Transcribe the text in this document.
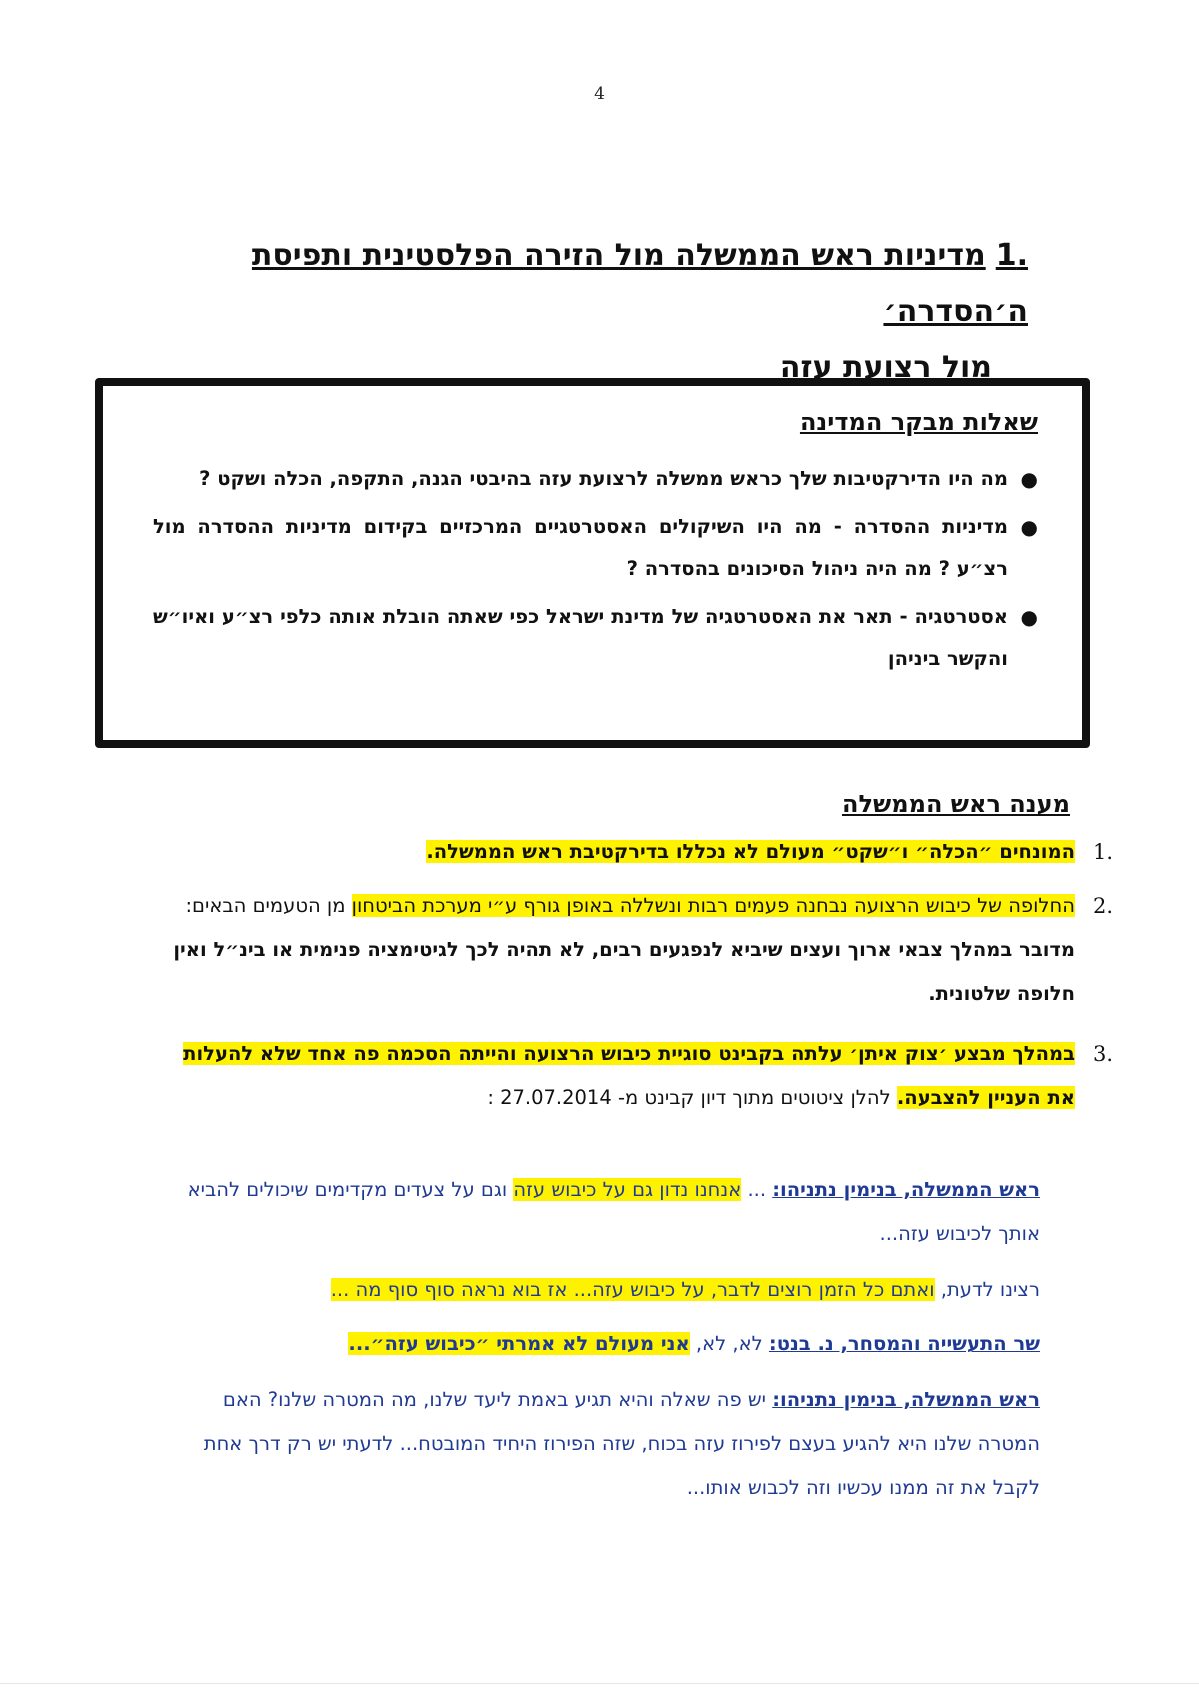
4
.1מדיניות ראש הממשלה מול הזירה הפלסטינית ותפיסת ה׳הסדרה׳
מול רצועת עזה
שאלות מבקר המדינה
●
מה היו הדירקטיבות שלך כראש ממשלה לרצועת עזה בהיבטי הגנה, התקפה, הכלה ושקט ?
●
מדיניות ההסדרה - מה היו השיקולים האסטרטגיים המרכזיים בקידום מדיניות ההסדרה מול רצ״ע ? מה היה ניהול הסיכונים בהסדרה ?
●
אסטרטגיה - תאר את האסטרטגיה של מדינת ישראל כפי שאתה הובלת אותה כלפי רצ״ע ואיו״ש והקשר ביניהן
מענה ראש הממשלה
.1
המונחים ״הכלה״ ו״שקט״ מעולם לא נכללו בדירקטיבת ראש הממשלה.
.2
החלופה של כיבוש הרצועה נבחנה פעמים רבות ונשללה באופן גורף ע״י מערכת הביטחון מן הטעמים הבאים: מדובר במהלך צבאי ארוך ועצים שיביא לנפגעים רבים, לא תהיה לכך לגיטימציה פנימית או בינ״ל ואין חלופה שלטונית.
.3
במהלך מבצע ׳צוק איתן׳ עלתה בקבינט סוגיית כיבוש הרצועה והייתה הסכמה פה אחד שלא להעלות את העניין להצבעה. להלן ציטוטים מתוך דיון קבינט מ- 27.07.2014 :
ראש הממשלה, בנימין נתניהו: ... אנחנו נדון גם על כיבוש עזה וגם על צעדים מקדימים שיכולים להביא אותך לכיבוש עזה...
רצינו לדעת, ואתם כל הזמן רוצים לדבר, על כיבוש עזה... אז בוא נראה סוף סוף מה ...
שר התעשייה והמסחר, נ. בנט: לא, לא, אני מעולם לא אמרתי ״כיבוש עזה״...
ראש הממשלה, בנימין נתניהו: יש פה שאלה והיא תגיע באמת ליעד שלנו, מה המטרה שלנו? האם המטרה שלנו היא להגיע בעצם לפירוז עזה בכוח, שזה הפירוז היחיד המובטח... לדעתי יש רק דרך אחת לקבל את זה ממנו עכשיו וזה לכבוש אותו...
